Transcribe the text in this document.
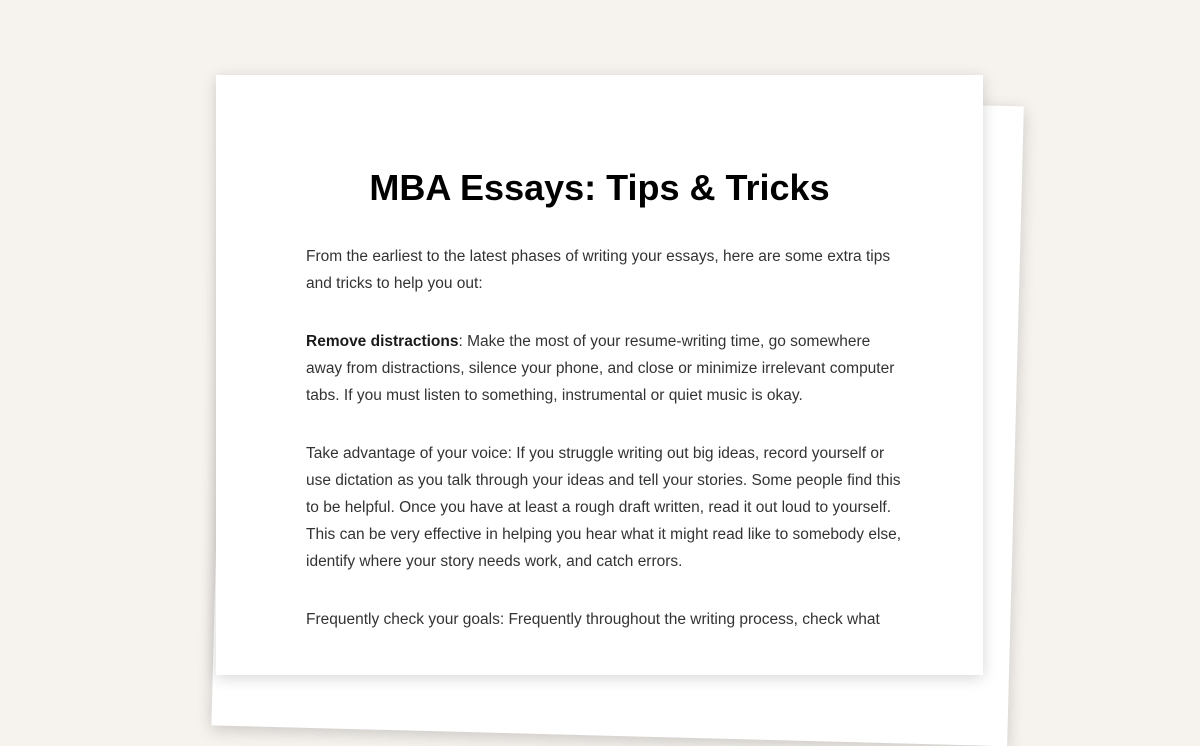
MBA Essays: Tips & Tricks

From the earliest to the latest phases of writing your essays, here are some extra tips and tricks to help you out:

Remove distractions: Make the most of your resume-writing time, go somewhere away from distractions, silence your phone, and close or minimize irrelevant computer tabs. If you must listen to something, instrumental or quiet music is okay.

Take advantage of your voice: If you struggle writing out big ideas, record yourself or use dictation as you talk through your ideas and tell your stories. Some people find this to be helpful. Once you have at least a rough draft written, read it out loud to yourself. This can be very effective in helping you hear what it might read like to somebody else, identify where your story needs work, and catch errors.

Frequently check your goals: Frequently throughout the writing process, check what
